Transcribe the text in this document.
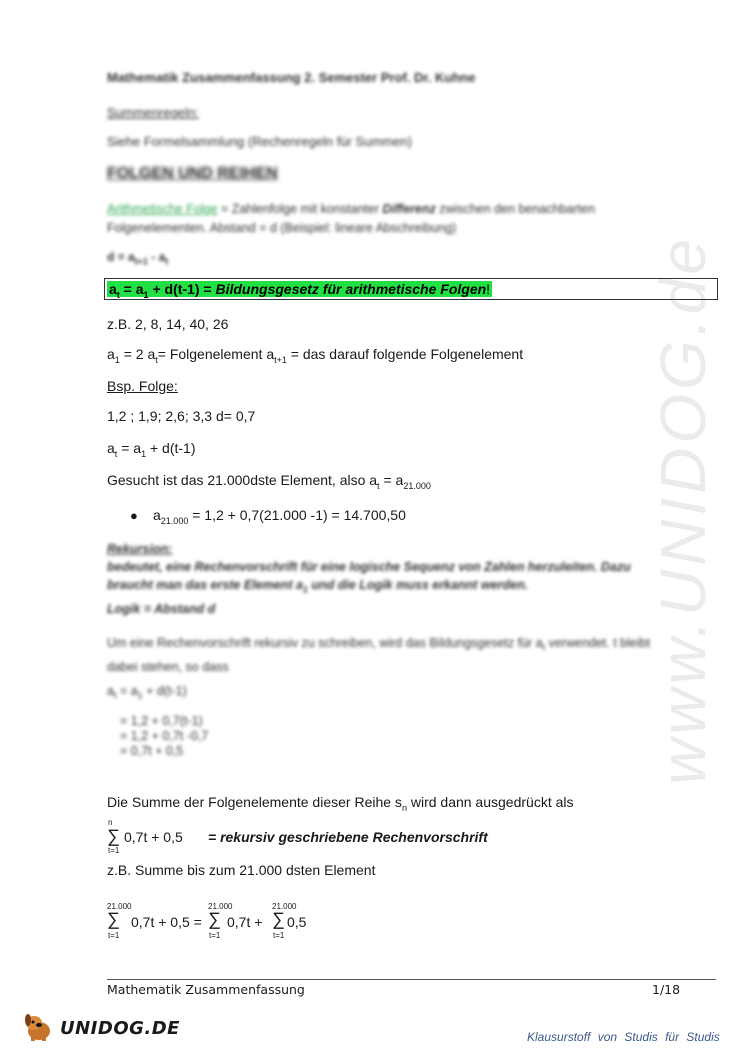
www.UNIDOG.de
Mathematik Zusammenfassung 2. Semester Prof. Dr. Kuhne
Summenregeln:
Siehe Formelsammlung (Rechenregeln für Summen)
FOLGEN UND REIHEN
Arithmetische Folge = Zahlenfolge mit konstanter Differenz zwischen den benachbarten
Folgenelementen. Abstand = d (Beispiel: lineare Abschreibung)
$d = a_{t+1} - a_t$
$a_t = a_1 + d(t-1)$ = Bildungsgesetz für arithmetische Folgen!
z.B. 2, 8, 14, 40, 26
$a_1 = 2$ $a_t=$ Folgenelement $a_{t+1}$ = das darauf folgende Folgenelement
Bsp. Folge:
1,2 ; 1,9; 2,6; 3,3 d= 0,7
$a_t = a_1 + d(t-1)$
Gesucht ist das 21.000dste Element, also $a_t = a_{21.000}$
● $a_{21.000} = 1,2 + 0,7(21.000$ -1) = 14.700,50
Rekursion:
bedeutet, eine Rechenvorschrift für eine logische Sequenz von Zahlen herzuleiten. Dazu
braucht man das erste Element $a_1$ und die Logik muss erkannt werden.
Logik = Abstand d
Um eine Rechenvorschrift rekursiv zu schreiben, wird das Bildungsgesetz für $a_t$ verwendet. t bleibt
dabei stehen, so dass
$a_t = a_1 + d(t-1)$
= 1,2 + 0,7(t-1)
= 1,2 + 0,7t -0,7
= 0,7t + 0,5
Die Summe der Folgenelemente dieser Reihe $s_n$ wird dann ausgedrückt als
n
∑
t=1
0,7t + 0,5 = rekursiv geschriebene Rechenvorschrift
z.B. Summe bis zum 21.000 dsten Element
21.000
∑
t=1
0,7t + 0,5 =
21.000
∑
t=1
0,7t +
21.000
∑
t=1
0,5
Mathematik Zusammenfassung	1/18
UNIDOG.DE	Klausurstoff von Studis für Studis
